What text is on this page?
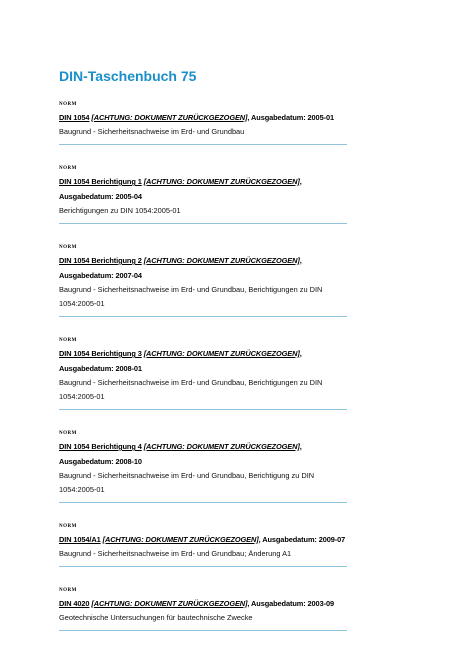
DIN-Taschenbuch 75
NORM
DIN 1054 [ACHTUNG: DOKUMENT ZURÜCKGEZOGEN], Ausgabedatum: 2005-01
Baugrund - Sicherheitsnachweise im Erd- und Grundbau
NORM
DIN 1054 Berichtigung 1 [ACHTUNG: DOKUMENT ZURÜCKGEZOGEN], Ausgabedatum: 2005-04
Berichtigungen zu DIN 1054:2005-01
NORM
DIN 1054 Berichtigung 2 [ACHTUNG: DOKUMENT ZURÜCKGEZOGEN], Ausgabedatum: 2007-04
Baugrund - Sicherheitsnachweise im Erd- und Grundbau, Berichtigungen zu DIN 1054:2005-01
NORM
DIN 1054 Berichtigung 3 [ACHTUNG: DOKUMENT ZURÜCKGEZOGEN], Ausgabedatum: 2008-01
Baugrund - Sicherheitsnachweise im Erd- und Grundbau, Berichtigungen zu DIN 1054:2005-01
NORM
DIN 1054 Berichtigung 4 [ACHTUNG: DOKUMENT ZURÜCKGEZOGEN], Ausgabedatum: 2008-10
Baugrund - Sicherheitsnachweise im Erd- und Grundbau, Berichtigung zu DIN 1054:2005-01
NORM
DIN 1054/A1 [ACHTUNG: DOKUMENT ZURÜCKGEZOGEN], Ausgabedatum: 2009-07
Baugrund - Sicherheitsnachweise im Erd- und Grundbau; Änderung A1
NORM
DIN 4020 [ACHTUNG: DOKUMENT ZURÜCKGEZOGEN], Ausgabedatum: 2003-09
Geotechnische Untersuchungen für bautechnische Zwecke
